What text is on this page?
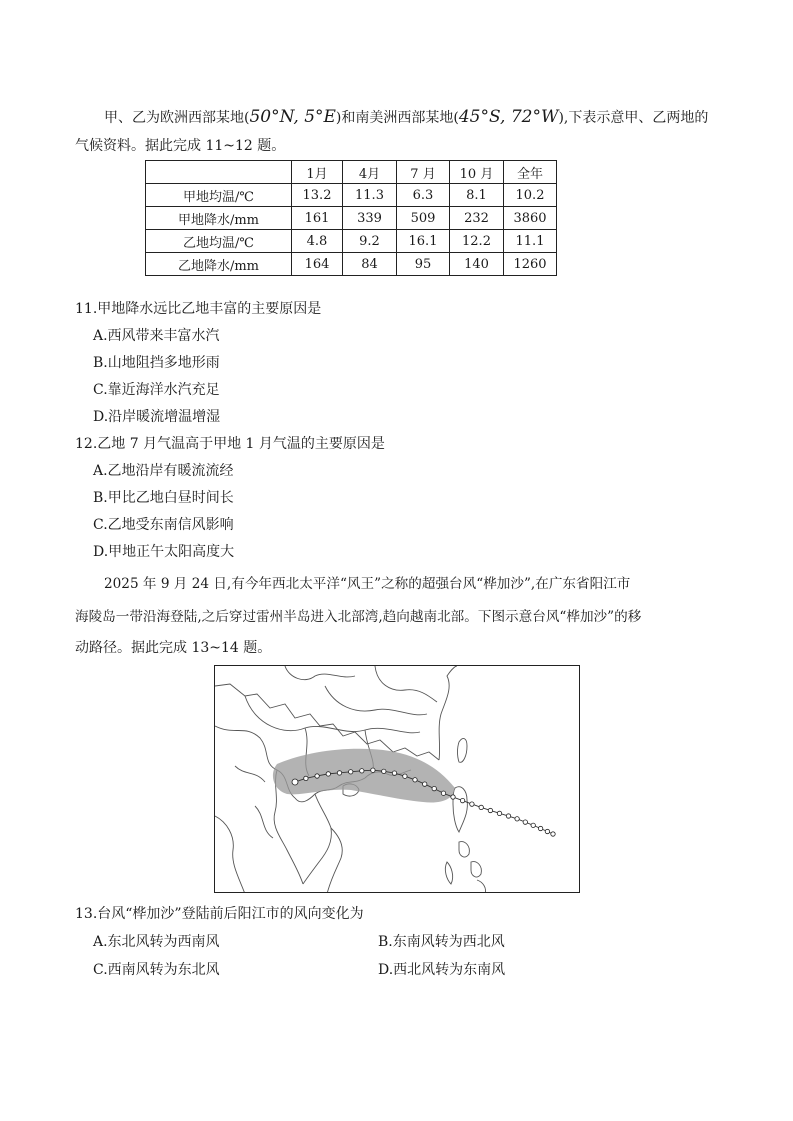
甲、乙为欧洲西部某地(50°N, 5°E)和南美洲西部某地(45°S, 72°W),下表示意甲、乙两地的
气候资料。据此完成 11~12 题。
	1月	4月	7 月	10 月	全年
甲地均温/℃	13.2	11.3	6.3	8.1	10.2
甲地降水/mm	161	339	509	232	3860
乙地均温/℃	4.8	9.2	16.1	12.2	11.1
乙地降水/mm	164	84	95	140	1260
11.甲地降水远比乙地丰富的主要原因是
A.西风带来丰富水汽
B.山地阻挡多地形雨
C.靠近海洋水汽充足
D.沿岸暖流增温增湿
12.乙地 7 月气温高于甲地 1 月气温的主要原因是
A.乙地沿岸有暖流流经
B.甲比乙地白昼时间长
C.乙地受东南信风影响
D.甲地正午太阳高度大
2025 年 9 月 24 日,有今年西北太平洋“风王”之称的超强台风“桦加沙”,在广东省阳江市
海陵岛一带沿海登陆,之后穿过雷州半岛进入北部湾,趋向越南北部。下图示意台风“桦加沙”的移
动路径。据此完成 13~14 题。
13.台风“桦加沙”登陆前后阳江市的风向变化为
A.东北风转为西南风	B.东南风转为西北风
C.西南风转为东北风	D.西北风转为东南风
